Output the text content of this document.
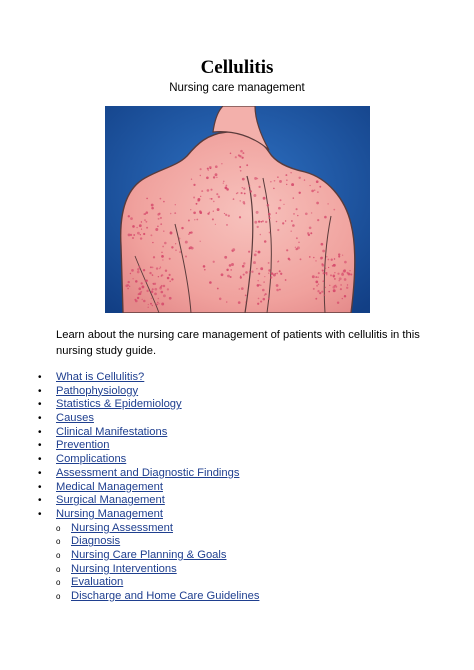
Cellulitis
Nursing care management
Learn about the nursing care management of patients with cellulitis in this nursing study guide.
• What is Cellulitis?
• Pathophysiology
• Statistics & Epidemiology
• Causes
• Clinical Manifestations
• Prevention
• Complications
• Assessment and Diagnostic Findings
• Medical Management
• Surgical Management
• Nursing Management
o Nursing Assessment
o Diagnosis
o Nursing Care Planning & Goals
o Nursing Interventions
o Evaluation
o Discharge and Home Care Guidelines
